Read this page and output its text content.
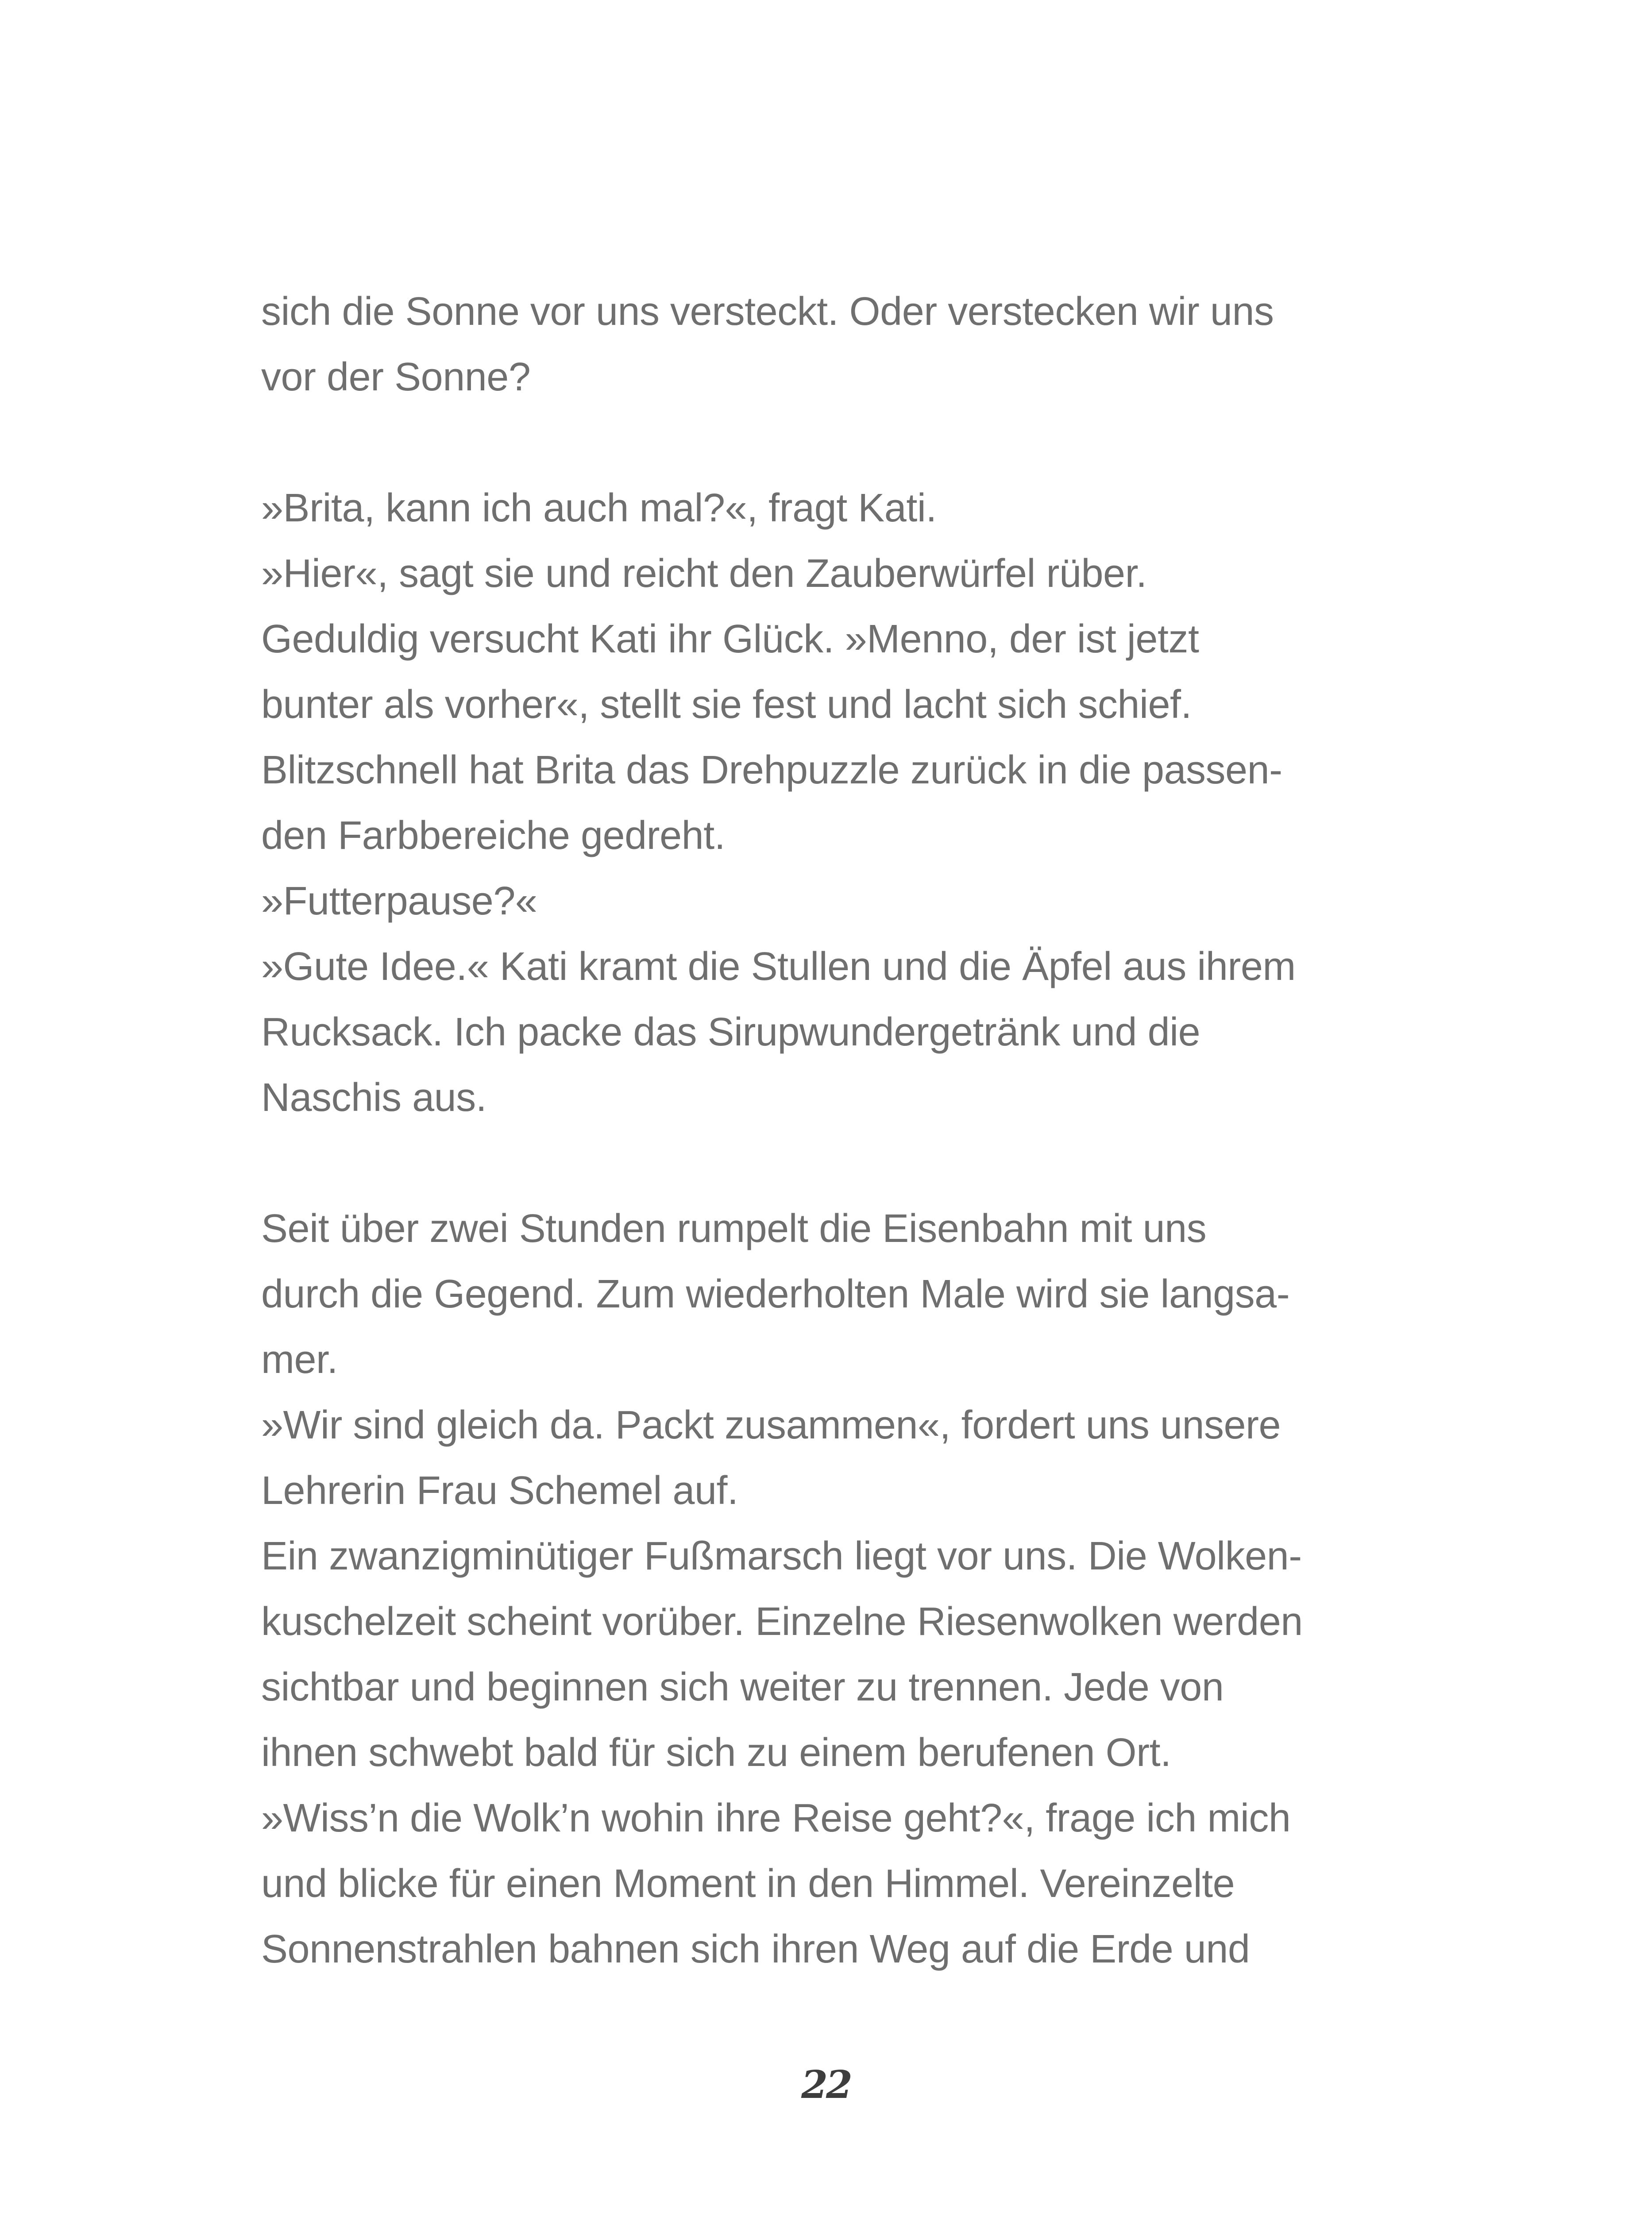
sich die Sonne vor uns versteckt. Oder verstecken wir uns
vor der Sonne?
»Brita, kann ich auch mal?«, fragt Kati.
»Hier«, sagt sie und reicht den Zauberwürfel rüber.
Geduldig versucht Kati ihr Glück. »Menno, der ist jetzt
bunter als vorher«, stellt sie fest und lacht sich schief.
Blitzschnell hat Brita das Drehpuzzle zurück in die passen-
den Farbbereiche gedreht.
»Futterpause?«
»Gute Idee.« Kati kramt die Stullen und die Äpfel aus ihrem
Rucksack. Ich packe das Sirupwundergetränk und die
Naschis aus.
Seit über zwei Stunden rumpelt die Eisenbahn mit uns
durch die Gegend. Zum wiederholten Male wird sie langsa-
mer.
»Wir sind gleich da. Packt zusammen«, fordert uns unsere
Lehrerin Frau Schemel auf.
Ein zwanzigminütiger Fußmarsch liegt vor uns. Die Wolken-
kuschelzeit scheint vorüber. Einzelne Riesenwolken werden
sichtbar und beginnen sich weiter zu trennen. Jede von
ihnen schwebt bald für sich zu einem berufenen Ort.
»Wiss’n die Wolk’n wohin ihre Reise geht?«, frage ich mich
und blicke für einen Moment in den Himmel. Vereinzelte
Sonnenstrahlen bahnen sich ihren Weg auf die Erde und
22
